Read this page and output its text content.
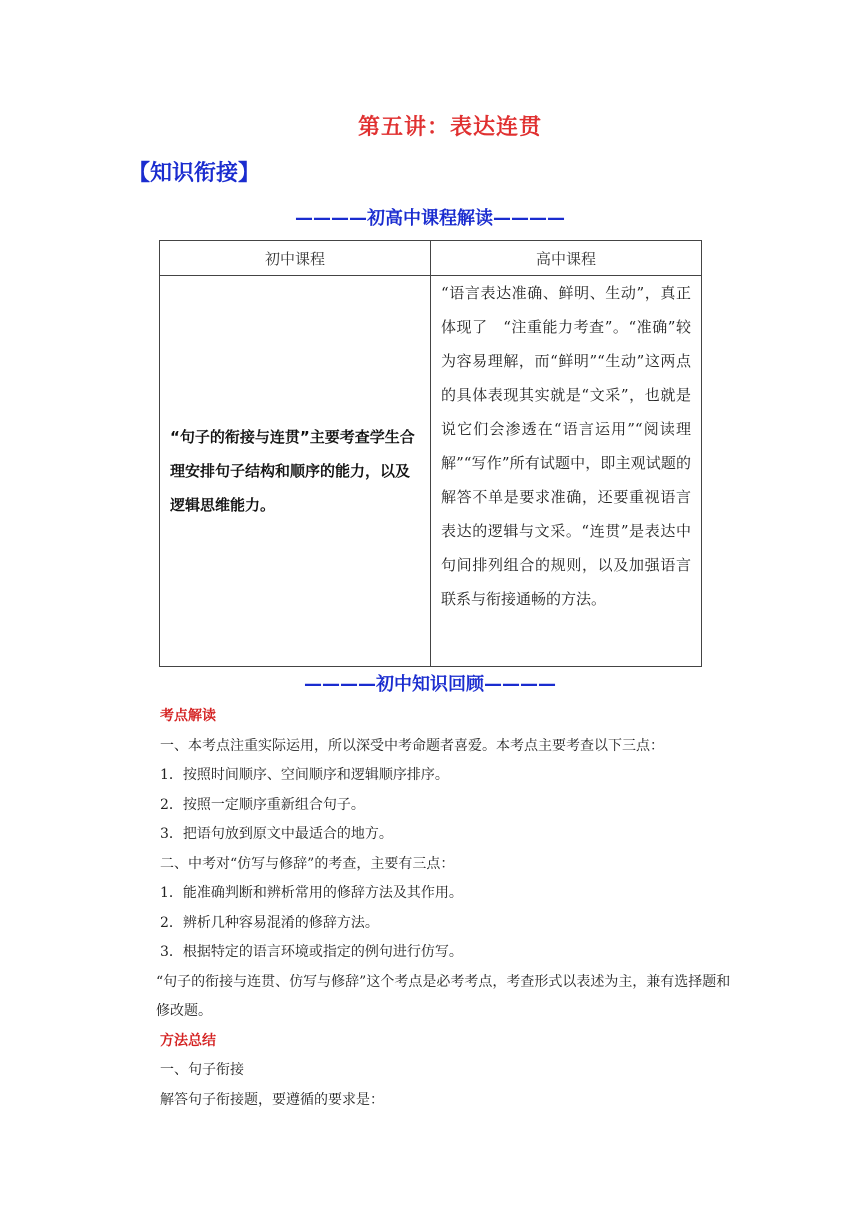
第五讲：表达连贯
【知识衔接】
————初高中课程解读————
初中课程	高中课程
“句子的衔接与连贯”主要考查学生合理安排句子结构和顺序的能力，以及逻辑思维能力。	“语言表达准确、鲜明、生动”，真正体现了　“注重能力考查”。“准确”较为容易理解，而“鲜明”“生动”这两点的具体表现其实就是“文采”，也就是说它们会渗透在“语言运用”“阅读理解”“写作”所有试题中，即主观试题的解答不单是要求准确，还要重视语言表达的逻辑与文采。“连贯”是表达中句间排列组合的规则，以及加强语言联系与衔接通畅的方法。
————初中知识回顾————

考点解读

一、本考点注重实际运用，所以深受中考命题者喜爱。本考点主要考查以下三点：

1．按照时间顺序、空间顺序和逻辑顺序排序。

2．按照一定顺序重新组合句子。

3．把语句放到原文中最适合的地方。

二、中考对“仿写与修辞”的考查，主要有三点：

1．能准确判断和辨析常用的修辞方法及其作用。

2．辨析几种容易混淆的修辞方法。

3．根据特定的语言环境或指定的例句进行仿写。

“句子的衔接与连贯、仿写与修辞”这个考点是必考考点，考查形式以表述为主，兼有选择题和修改题。

方法总结

一、句子衔接

解答句子衔接题，要遵循的要求是：
